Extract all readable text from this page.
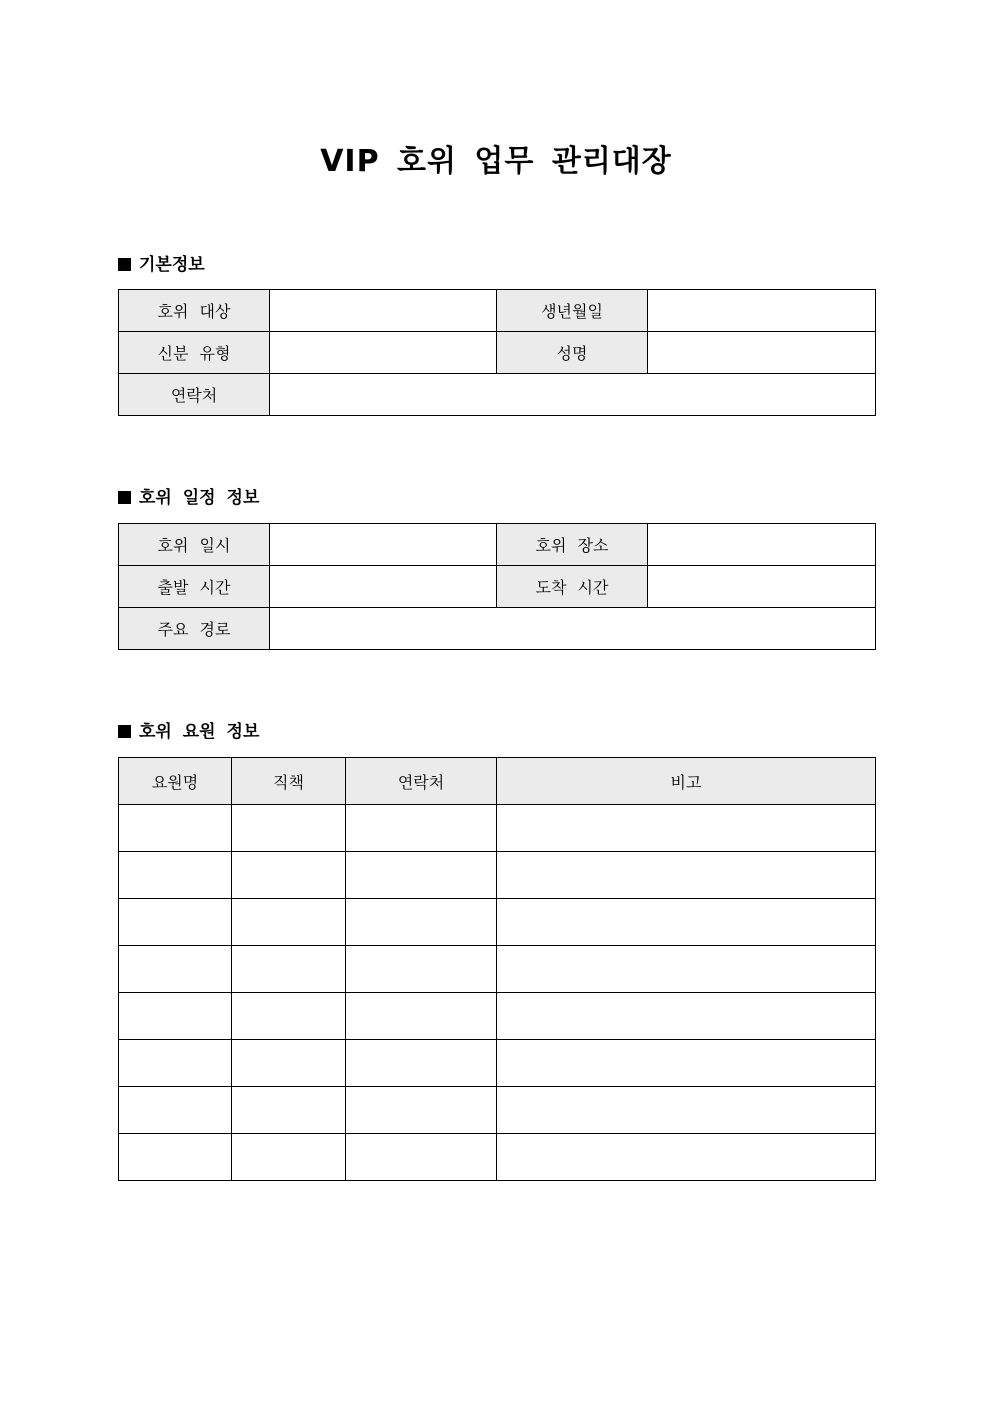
VIP 호위 업무 관리대장
기본정보
호위 대상		생년월일	
신분 유형		성명	
연락처			
호위 일정 정보
호위 일시		호위 장소	
출발 시간		도착 시간	
주요 경로			
호위 요원 정보
요원명	직책	연락처	비고
